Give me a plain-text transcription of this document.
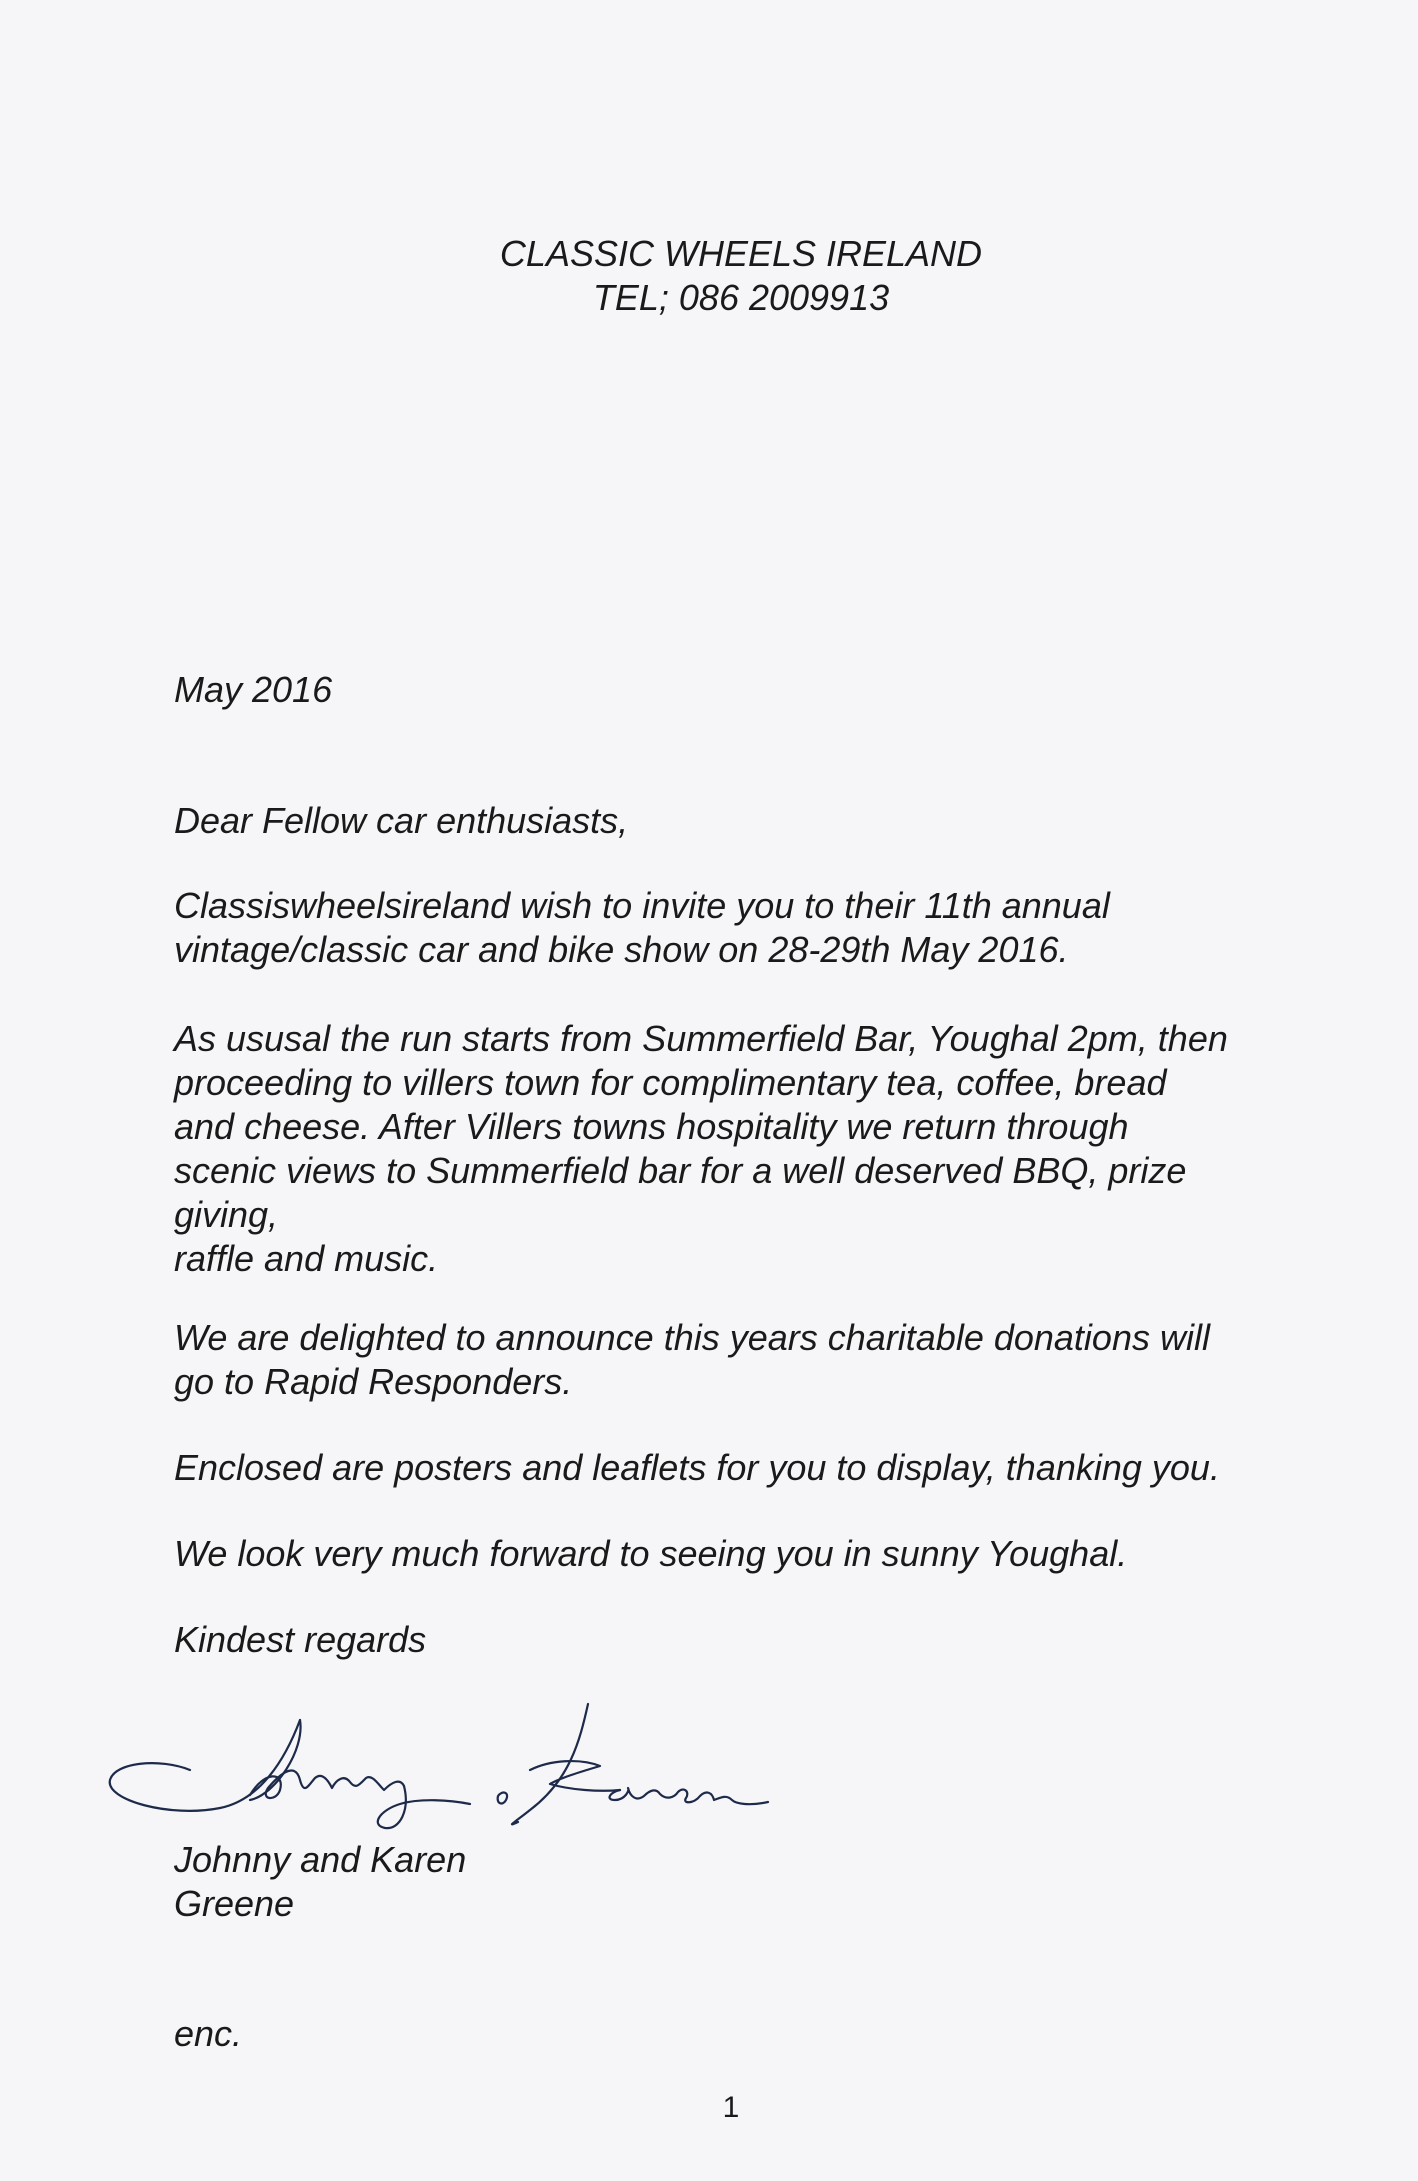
CLASSIC WHEELS IRELAND
TEL; 086 2009913
May 2016
Dear Fellow car enthusiasts,
Classiswheelsireland wish to invite you to their 11th annual
vintage/classic car and bike show on 28-29th May 2016.
As ususal the run starts from Summerfield Bar, Youghal 2pm, then
proceeding to villers town for complimentary tea, coffee, bread
and cheese. After Villers towns hospitality we return through
scenic views to Summerfield bar for a well deserved BBQ, prize
giving,
raffle and music.
We are delighted to announce this years charitable donations will
go to Rapid Responders.
Enclosed are posters and leaflets for you to display, thanking you.
We look very much forward to seeing you in sunny Youghal.
Kindest regards
Johnny and Karen
Greene
enc.
1
